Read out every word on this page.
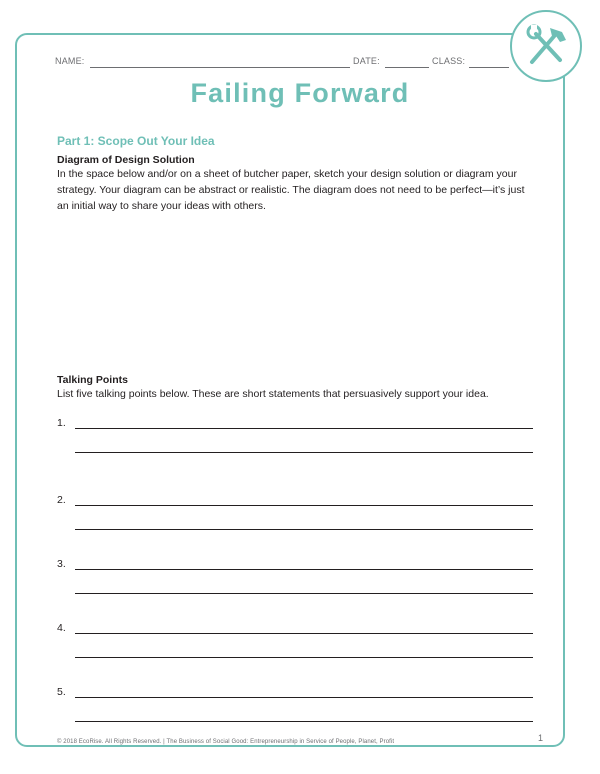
NAME:	DATE:	CLASS:
Failing Forward
Part 1: Scope Out Your Idea
Diagram of Design Solution
In the space below and/or on a sheet of butcher paper, sketch your design solution or diagram your strategy. Your diagram can be abstract or realistic. The diagram does not need to be perfect—it’s just an initial way to share your ideas with others.
Talking Points
List five talking points below. These are short statements that persuasively support your idea.
1.
2.
3.
4.
5.
© 2018 EcoRise. All Rights Reserved. | The Business of Social Good: Entrepreneurship in Service of People, Planet, Profit	1
